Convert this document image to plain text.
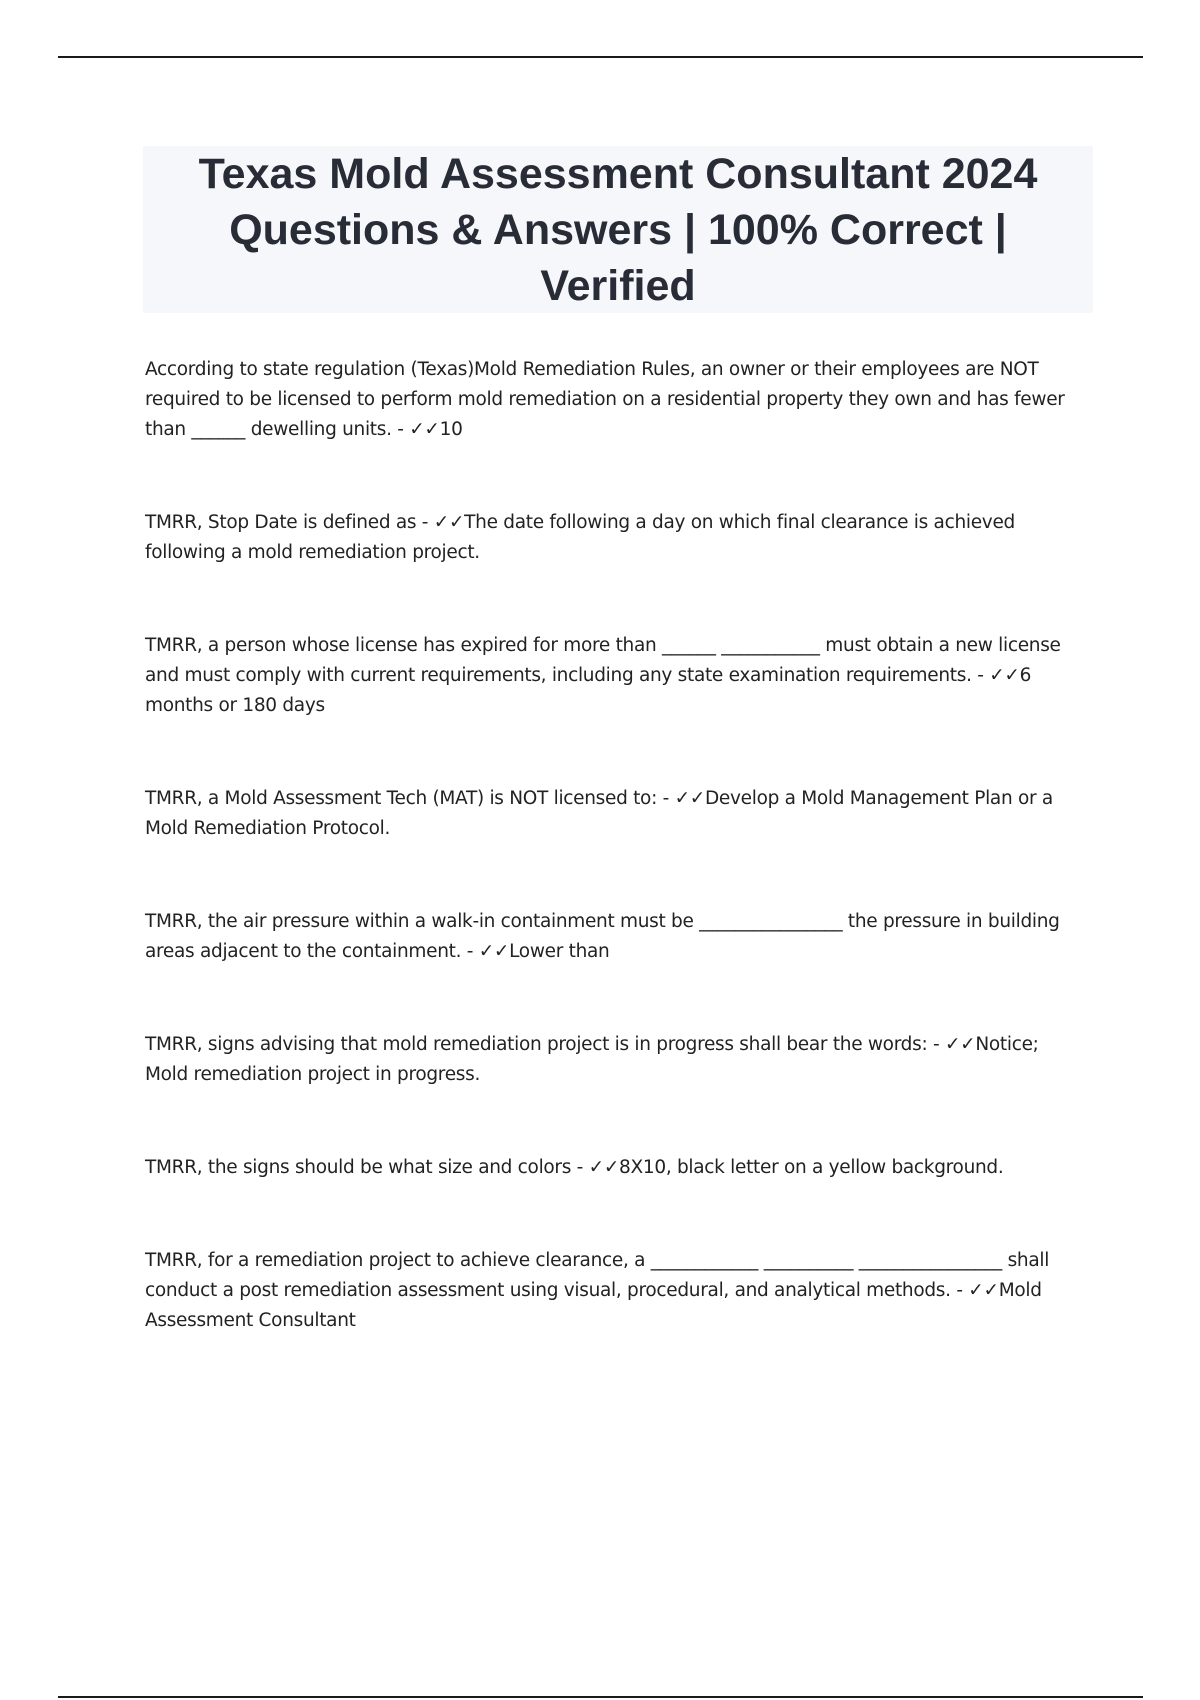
Texas Mold Assessment Consultant 2024 Questions & Answers | 100% Correct | Verified

According to state regulation (Texas)Mold Remediation Rules, an owner or their employees are NOT required to be licensed to perform mold remediation on a residential property they own and has fewer than ______ dewelling units. - ✓✓10

TMRR, Stop Date is defined as - ✓✓The date following a day on which final clearance is achieved following a mold remediation project.

TMRR, a person whose license has expired for more than ______ ___________ must obtain a new license and must comply with current requirements, including any state examination requirements. - ✓✓6 months or 180 days

TMRR, a Mold Assessment Tech (MAT) is NOT licensed to: - ✓✓Develop a Mold Management Plan or a Mold Remediation Protocol.

TMRR, the air pressure within a walk-in containment must be ________________ the pressure in building areas adjacent to the containment. - ✓✓Lower than

TMRR, signs advising that mold remediation project is in progress shall bear the words: - ✓✓Notice; Mold remediation project in progress.

TMRR, the signs should be what size and colors - ✓✓8X10, black letter on a yellow background.

TMRR, for a remediation project to achieve clearance, a ____________ __________ ________________ shall conduct a post remediation assessment using visual, procedural, and analytical methods. - ✓✓Mold Assessment Consultant
